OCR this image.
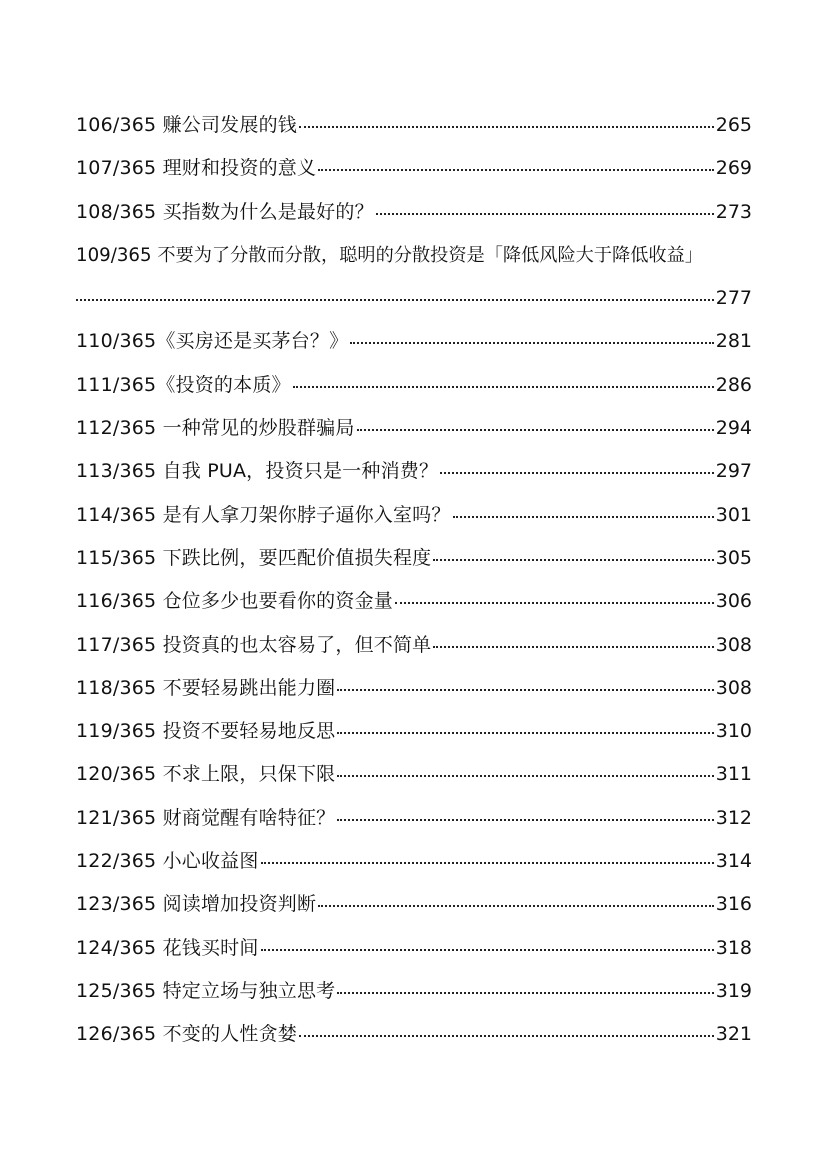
106/365 赚公司发展的钱	265
107/365 理财和投资的意义	269
108/365 买指数为什么是最好的？	273
109/365 不要为了分散而分散，聪明的分散投资是「降低风险大于降低收益」
277
110/365《买房还是买茅台？》	281
111/365《投资的本质》	286
112/365 一种常见的炒股群骗局	294
113/365 自我 PUA，投资只是一种消费？	297
114/365 是有人拿刀架你脖子逼你入室吗？	301
115/365 下跌比例，要匹配价值损失程度	305
116/365 仓位多少也要看你的资金量	306
117/365 投资真的也太容易了，但不简单	308
118/365 不要轻易跳出能力圈	308
119/365 投资不要轻易地反思	310
120/365 不求上限，只保下限	311
121/365 财商觉醒有啥特征？	312
122/365 小心收益图	314
123/365 阅读增加投资判断	316
124/365 花钱买时间	318
125/365 特定立场与独立思考	319
126/365 不变的人性贪婪	321
